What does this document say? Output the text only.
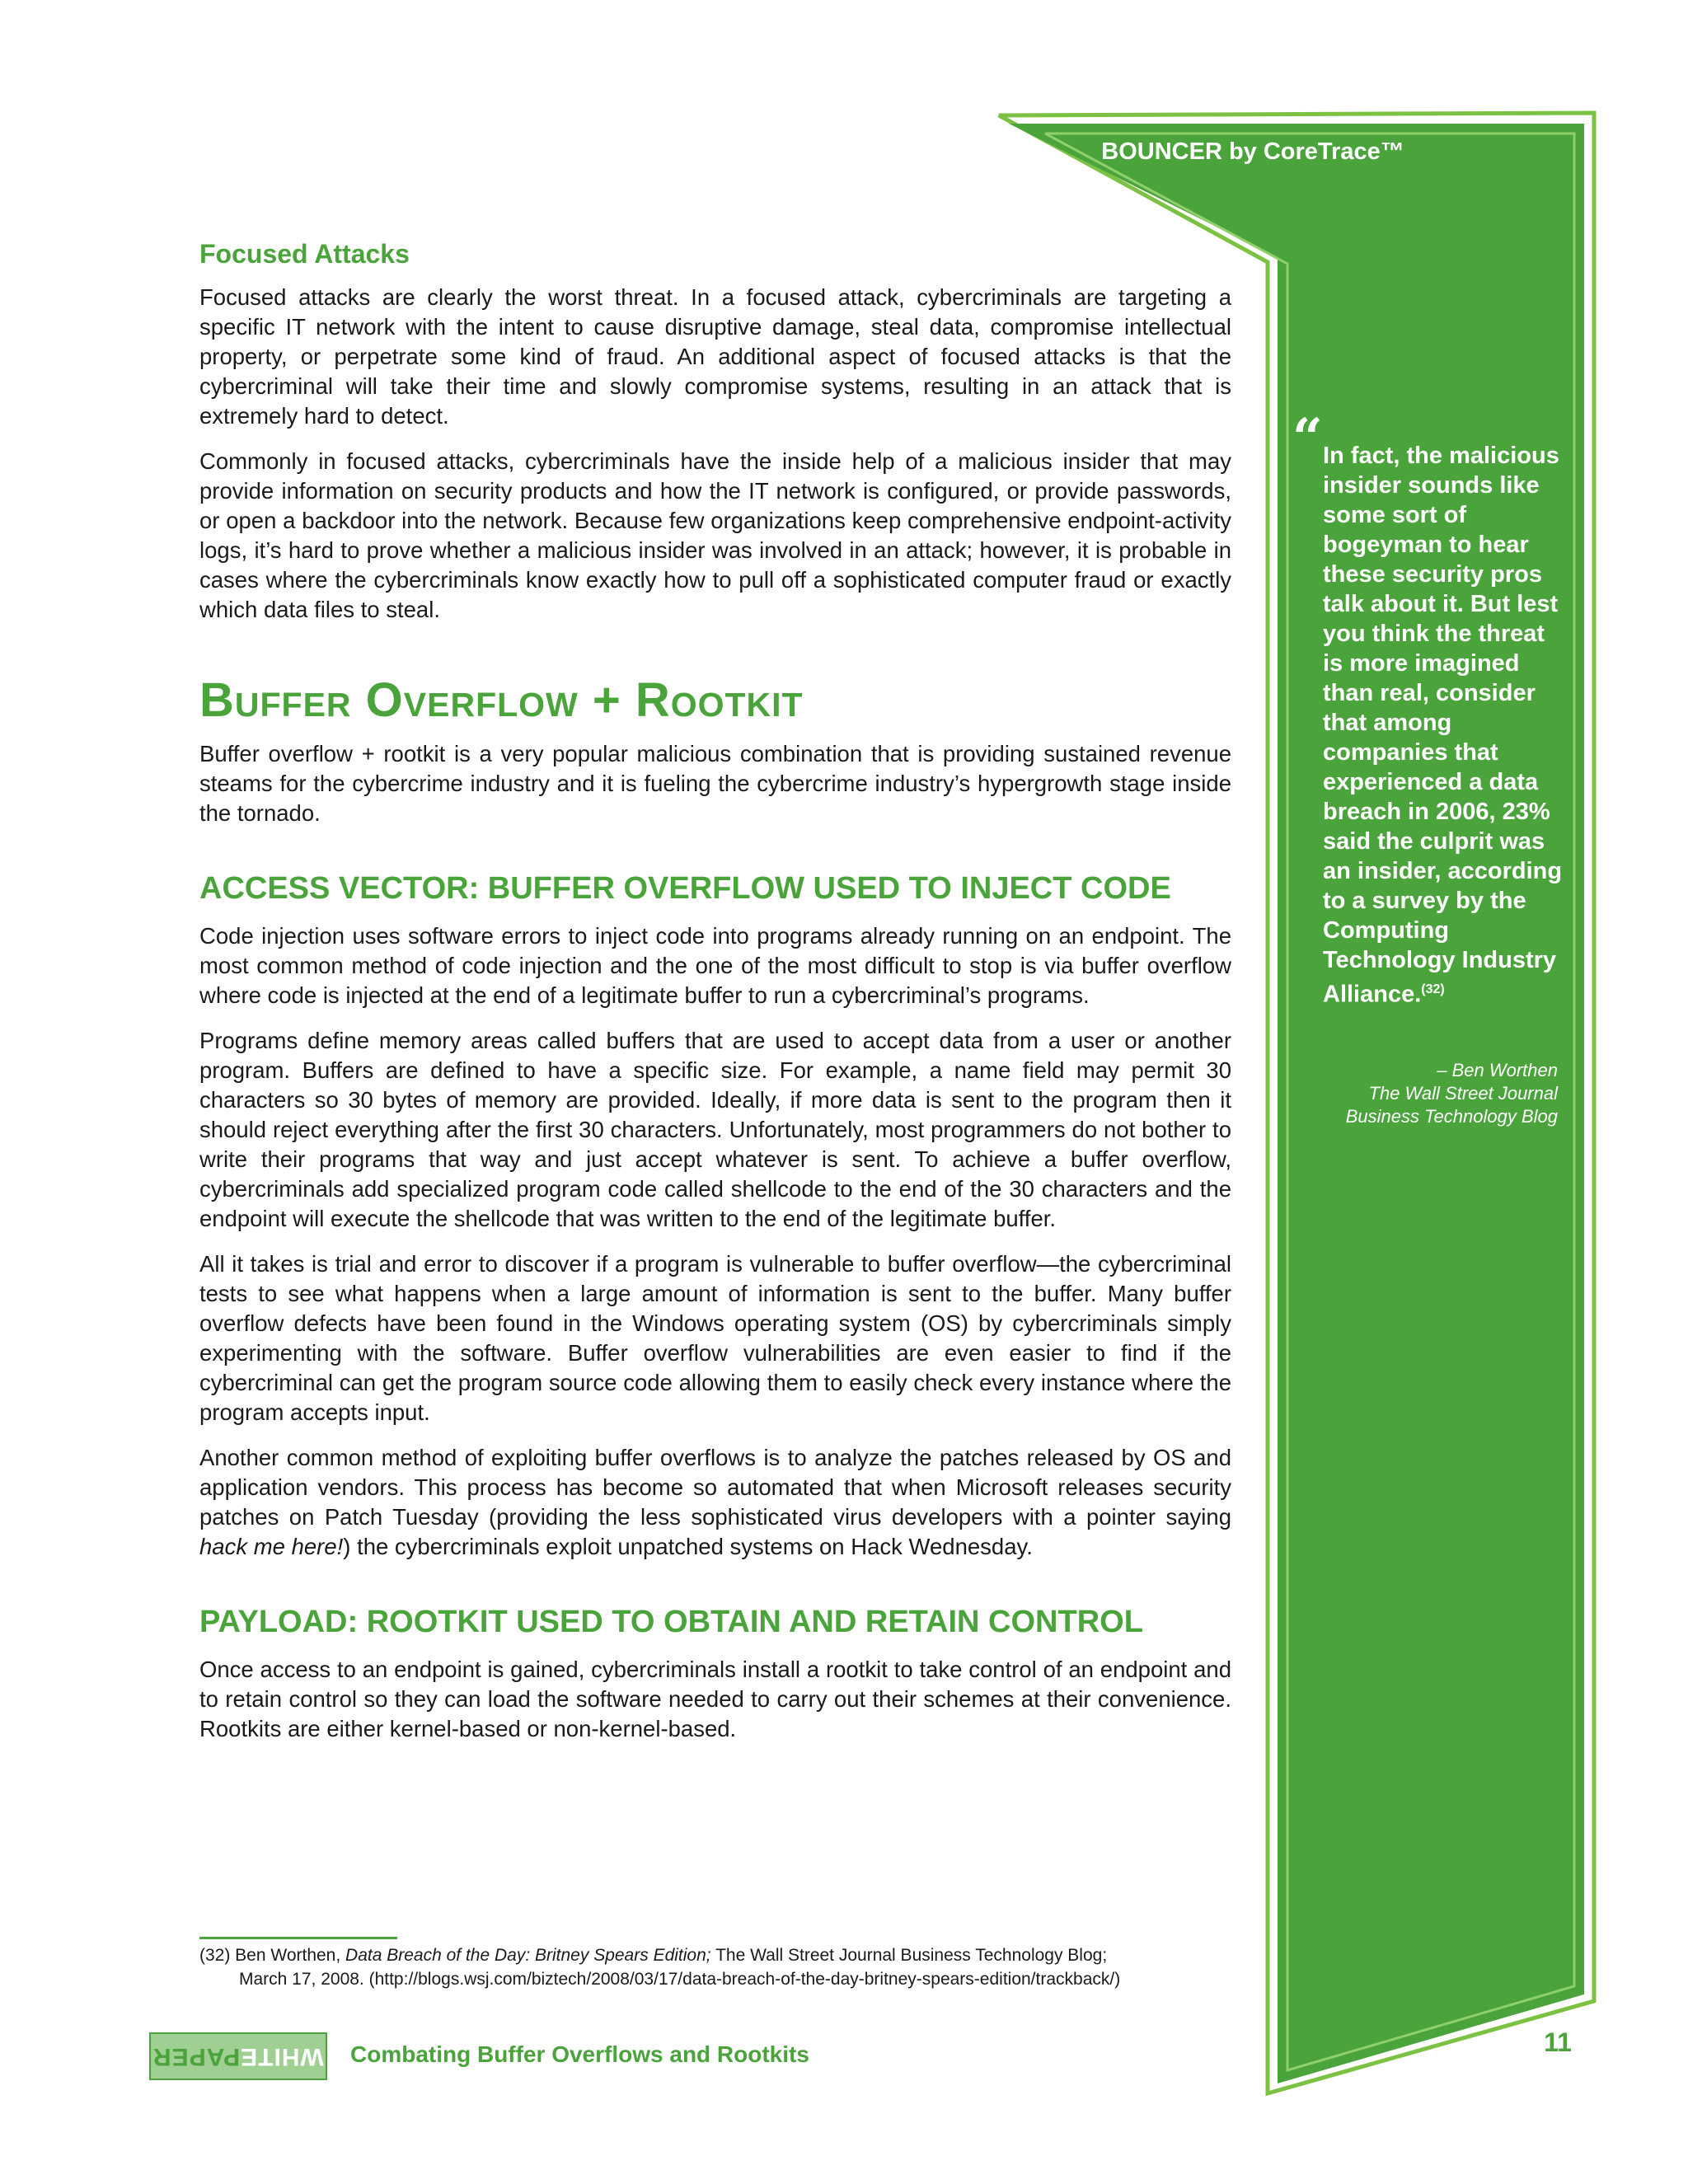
BOUNCER by CoreTrace™
“ In fact, the malicious insider sounds like some sort of bogeyman to hear these security pros talk about it. But lest you think the threat is more imagined than real, consider that among companies that experienced a data breach in 2006, 23% said the culprit was an insider, according to a survey by the Computing Technology Industry Alliance.$^{(32)}$
– Ben Worthen
The Wall Street Journal
Business Technology Blog
Focused Attacks

Focused attacks are clearly the worst threat. In a focused attack, cybercriminals are targeting a specific IT network with the intent to cause disruptive damage, steal data, compromise intellectual property, or perpetrate some kind of fraud. An additional aspect of focused attacks is that the cybercriminal will take their time and slowly compromise systems, resulting in an attack that is extremely hard to detect.

Commonly in focused attacks, cybercriminals have the inside help of a malicious insider that may provide information on security products and how the IT network is configured, or provide passwords, or open a backdoor into the network. Because few organizations keep comprehensive endpoint-activity logs, it’s hard to prove whether a malicious insider was involved in an attack; however, it is probable in cases where the cybercriminals know exactly how to pull off a sophisticated computer fraud or exactly which data files to steal.

Buffer Overflow + Rootkit

Buffer overflow + rootkit is a very popular malicious combination that is providing sustained revenue steams for the cybercrime industry and it is fueling the cybercrime industry’s hypergrowth stage inside the tornado.

ACCESS VECTOR: BUFFER OVERFLOW USED TO INJECT CODE

Code injection uses software errors to inject code into programs already running on an endpoint. The most common method of code injection and the one of the most difficult to stop is via buffer overflow where code is injected at the end of a legitimate buffer to run a cybercriminal’s programs.

Programs define memory areas called buffers that are used to accept data from a user or another program. Buffers are defined to have a specific size. For example, a name field may permit 30 characters so 30 bytes of memory are provided. Ideally, if more data is sent to the program then it should reject everything after the first 30 characters. Unfortunately, most programmers do not bother to write their programs that way and just accept whatever is sent. To achieve a buffer overflow, cybercriminals add specialized program code called shellcode to the end of the 30 characters and the endpoint will execute the shellcode that was written to the end of the legitimate buffer.

All it takes is trial and error to discover if a program is vulnerable to buffer overflow—the cybercriminal tests to see what happens when a large amount of information is sent to the buffer. Many buffer overflow defects have been found in the Windows operating system (OS) by cybercriminals simply experimenting with the software. Buffer overflow vulnerabilities are even easier to find if the cybercriminal can get the program source code allowing them to easily check every instance where the program accepts input.

Another common method of exploiting buffer overflows is to analyze the patches released by OS and application vendors. This process has become so automated that when Microsoft releases security patches on Patch Tuesday (providing the less sophisticated virus developers with a pointer saying hack me here!) the cybercriminals exploit unpatched systems on Hack Wednesday.

PAYLOAD: ROOTKIT USED TO OBTAIN AND RETAIN CONTROL

Once access to an endpoint is gained, cybercriminals install a rootkit to take control of an endpoint and to retain control so they can load the software needed to carry out their schemes at their convenience. Rootkits are either kernel-based or non-kernel-based.

(32) Ben Worthen, Data Breach of the Day: Britney Spears Edition; The Wall Street Journal Business Technology Blog;
March 17, 2008. (http://blogs.wsj.com/biztech/2008/03/17/data-breach-of-the-day-britney-spears-edition/trackback/)
WHITEPAPER	Combating Buffer Overflows and Rootkits	11
